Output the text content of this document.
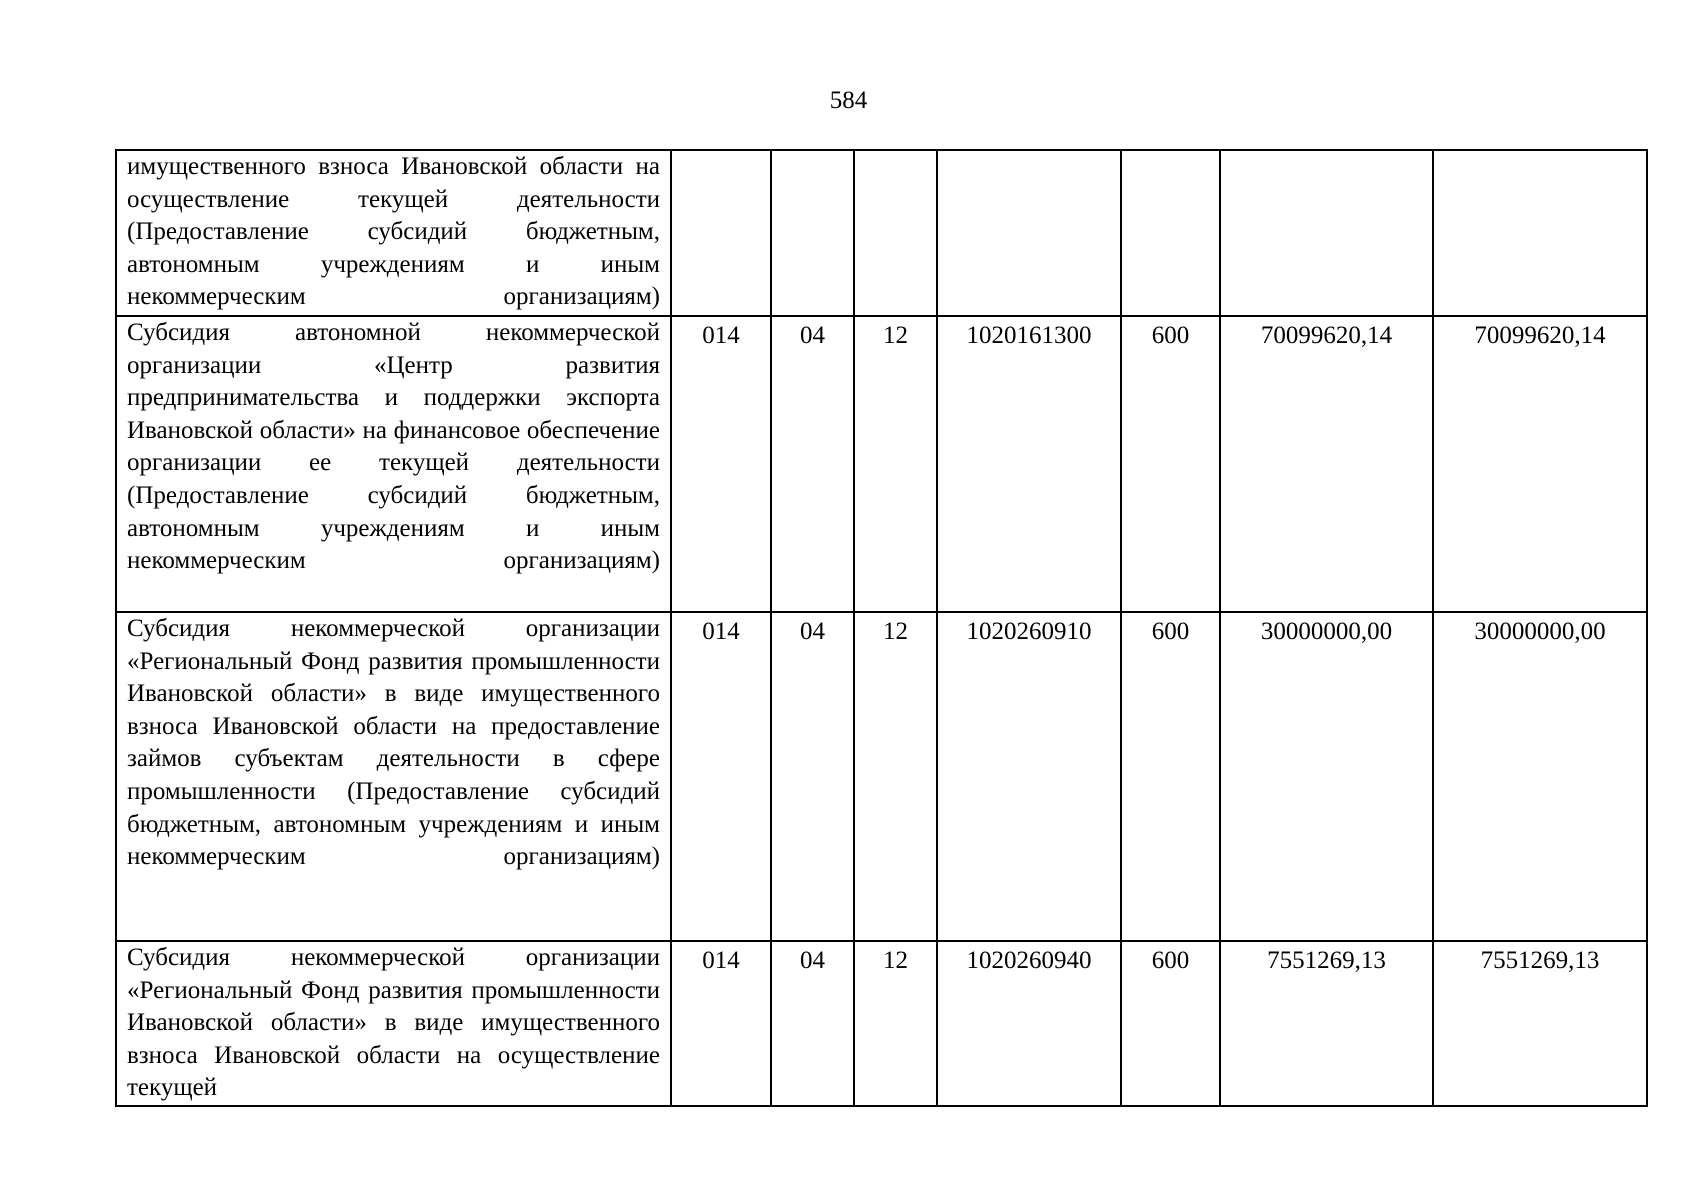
584
имущественного взноса Ивановской области на осуществление текущей деятельности (Предоставление субсидий бюджетным, автономным учреждениям и иным некоммерческим организациям)							
Субсидия автономной некоммерческой организации «Центр развития предпринимательства и поддержки экспорта Ивановской области» на финансовое обеспечение организации ее текущей деятельности (Предоставление субсидий бюджетным, автономным учреждениям и иным некоммерческим организациям)	014	04	12	1020161300	600	70099620,14	70099620,14
Субсидия некоммерческой организации «Региональный Фонд развития промышленности Ивановской области» в виде имущественного взноса Ивановской области на предоставление займов субъектам деятельности в сфере промышленности (Предоставление субсидий бюджетным, автономным учреждениям и иным некоммерческим организациям)	014	04	12	1020260910	600	30000000,00	30000000,00
Субсидия некоммерческой организации «Региональный Фонд развития промышленности Ивановской области» в виде имущественного взноса Ивановской области на осуществление текущей	014	04	12	1020260940	600	7551269,13	7551269,13
